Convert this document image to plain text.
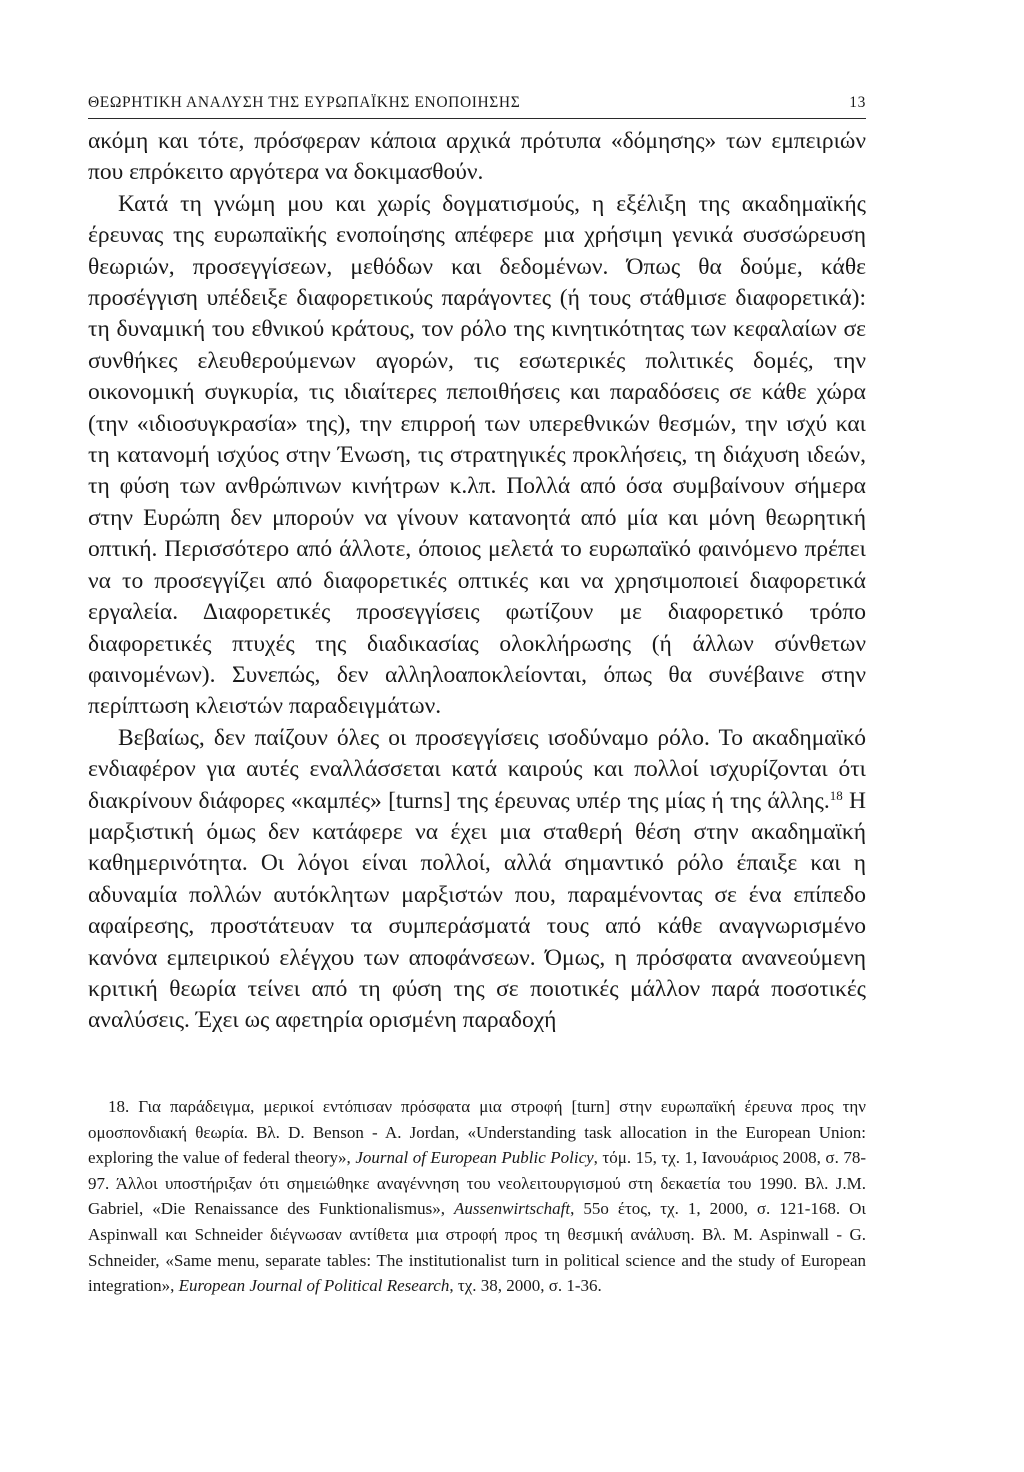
ΘΕΩΡΗΤΙΚΗ ΑΝΑΛΥΣΗ ΤΗΣ ΕΥΡΩΠΑΪΚΗΣ ΕΝΟΠΟΙΗΣΗΣ	13

ακόμη και τότε, πρόσφεραν κάποια αρχικά πρότυπα «δόμησης» των εμπειριών που επρόκειτο αργότερα να δοκιμασθούν.

Κατά τη γνώμη μου και χωρίς δογματισμούς, η εξέλιξη της ακαδημαϊκής έρευνας της ευρωπαϊκής ενοποίησης απέφερε μια χρήσιμη γενικά συσσώρευση θεωριών, προσεγγίσεων, μεθόδων και δεδομένων. Όπως θα δούμε, κάθε προσέγγιση υπέδειξε διαφορετικούς παράγοντες (ή τους στάθμισε διαφορετικά): τη δυναμική του εθνικού κράτους, τον ρόλο της κινητικότητας των κεφαλαίων σε συνθήκες ελευθερούμενων αγορών, τις εσωτερικές πολιτικές δομές, την οικονομική συγκυρία, τις ιδιαίτερες πεποιθήσεις και παραδόσεις σε κάθε χώρα (την «ιδιοσυγκρασία» της), την επιρροή των υπερεθνικών θεσμών, την ισχύ και τη κατανομή ισχύος στην Ένωση, τις στρατηγικές προκλήσεις, τη διάχυση ιδεών, τη φύση των ανθρώπινων κινήτρων κ.λπ. Πολλά από όσα συμβαίνουν σήμερα στην Ευρώπη δεν μπορούν να γίνουν κατανοητά από μία και μόνη θεωρητική οπτική. Περισσότερο από άλλοτε, όποιος μελετά το ευρωπαϊκό φαινόμενο πρέπει να το προσεγγίζει από διαφορετικές οπτικές και να χρησιμοποιεί διαφορετικά εργαλεία. Διαφορετικές προσεγγίσεις φωτίζουν με διαφορετικό τρόπο διαφορετικές πτυχές της διαδικασίας ολοκλήρωσης (ή άλλων σύνθετων φαινομένων). Συνεπώς, δεν αλληλοαποκλείονται, όπως θα συνέβαινε στην περίπτωση κλειστών παραδειγμάτων.

Βεβαίως, δεν παίζουν όλες οι προσεγγίσεις ισοδύναμο ρόλο. Το ακαδημαϊκό ενδιαφέρον για αυτές εναλλάσσεται κατά καιρούς και πολλοί ισχυρίζονται ότι διακρίνουν διάφορες «καμπές» [turns] της έρευνας υπέρ της μίας ή της άλλης.$^{18}$ Η μαρξιστική όμως δεν κατάφερε να έχει μια σταθερή θέση στην ακαδημαϊκή καθημερινότητα. Οι λόγοι είναι πολλοί, αλλά σημαντικό ρόλο έπαιξε και η αδυναμία πολλών αυτόκλητων μαρξιστών που, παραμένοντας σε ένα επίπεδο αφαίρεσης, προστάτευαν τα συμπεράσματά τους από κάθε αναγνωρισμένο κανόνα εμπειρικού ελέγχου των αποφάνσεων. Όμως, η πρόσφατα ανανεούμενη κριτική θεωρία τείνει από τη φύση της σε ποιοτικές μάλλον παρά ποσοτικές αναλύσεις. Έχει ως αφετηρία ορισμένη παραδοχή

18. Για παράδειγμα, μερικοί εντόπισαν πρόσφατα μια στροφή [turn] στην ευρωπαϊκή έρευνα προς την ομοσπονδιακή θεωρία. Βλ. D. Benson - A. Jordan, «Understanding task allocation in the European Union: exploring the value of federal theory», Journal of European Public Policy, τόμ. 15, τχ. 1, Ιανουάριος 2008, σ. 78-97. Άλλοι υποστήριξαν ότι σημειώθηκε αναγέννηση του νεολειτουργισμού στη δεκαετία του 1990. Βλ. J.M. Gabriel, «Die Renaissance des Funktionalismus», Aussenwirtschaft, 55ο έτος, τχ. 1, 2000, σ. 121-168. Οι Aspinwall και Schneider διέγνωσαν αντίθετα μια στροφή προς τη θεσμική ανάλυση. Βλ. M. Aspinwall - G. Schneider, «Same menu, separate tables: The institutionalist turn in political science and the study of European integration», European Journal of Political Research, τχ. 38, 2000, σ. 1-36.
